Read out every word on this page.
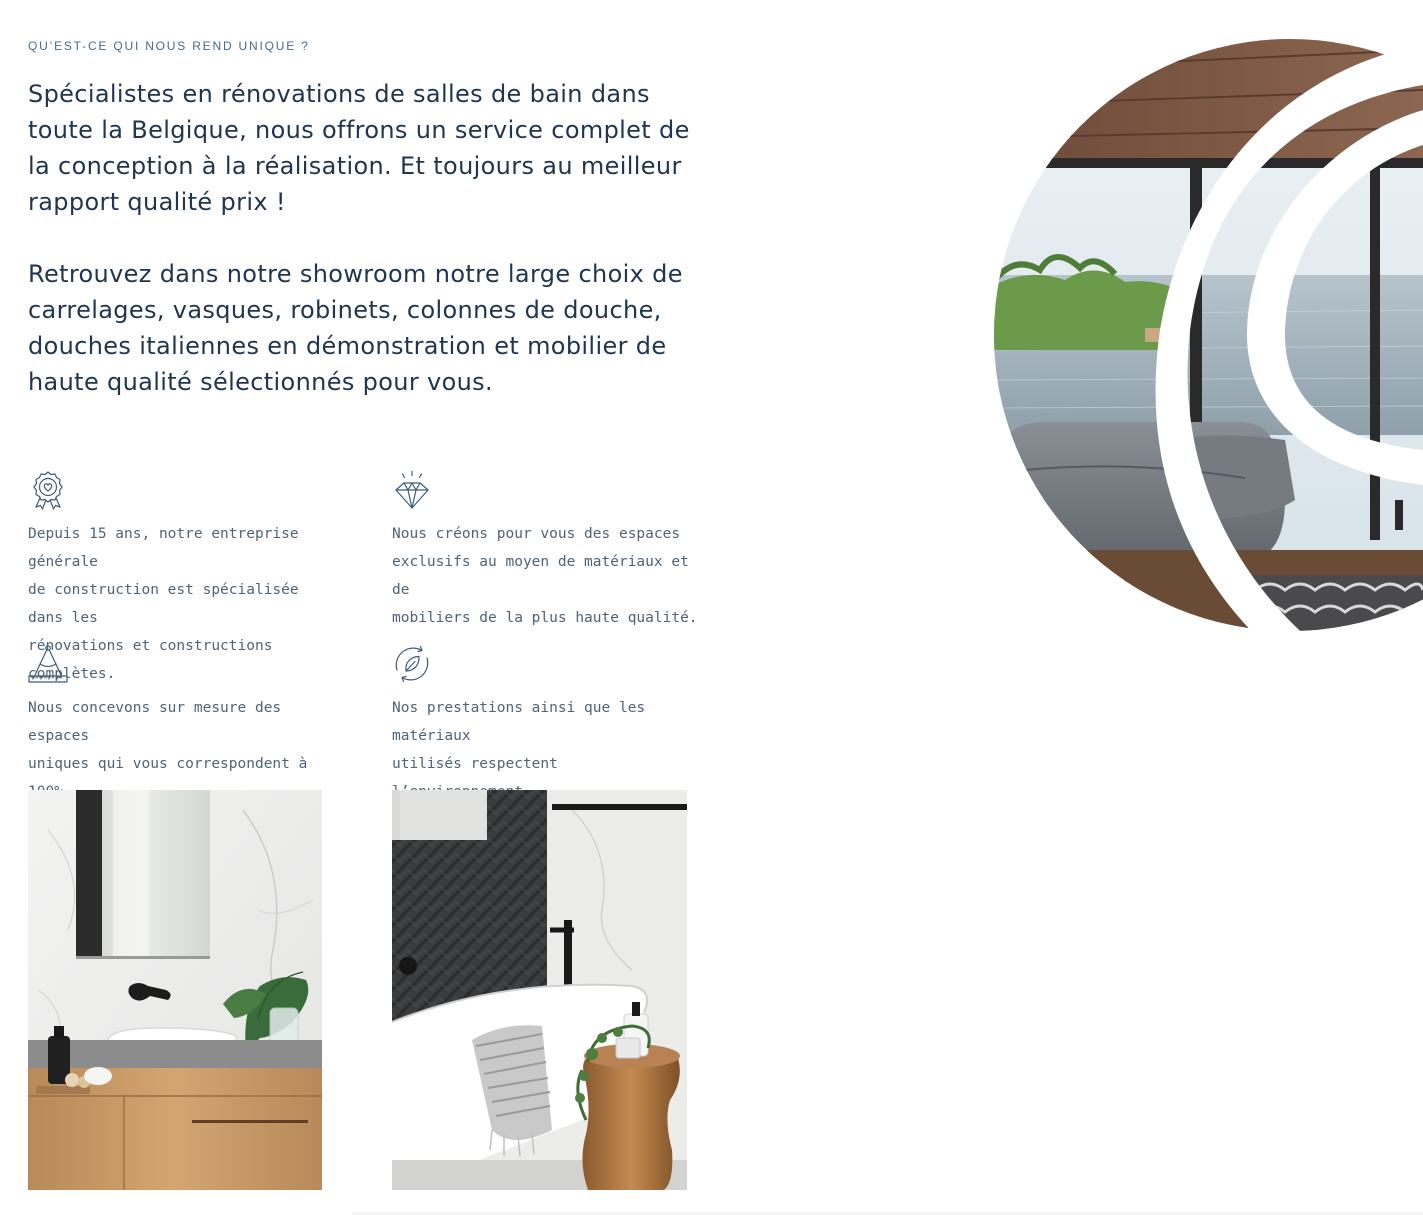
QU’EST-CE QUI NOUS REND UNIQUE ?

Spécialistes en rénovations de salles de bain dans toute la Belgique, nous offrons un service complet de la conception à la réalisation. Et toujours au meilleur rapport qualité prix !

Retrouvez dans notre showroom notre large choix de carrelages, vasques, robinets, colonnes de douche, douches italiennes en démonstration et mobilier de haute qualité sélectionnés pour vous.

Depuis 15 ans, notre entreprise générale
de construction est spécialisée dans les
rénovations et constructions complètes.
Nous créons pour vous des espaces
exclusifs au moyen de matériaux et de
mobiliers de la plus haute qualité.
Nous concevons sur mesure des espaces
uniques qui vous correspondent à
Nos prestations ainsi que les matériaux
utilisés respectent
